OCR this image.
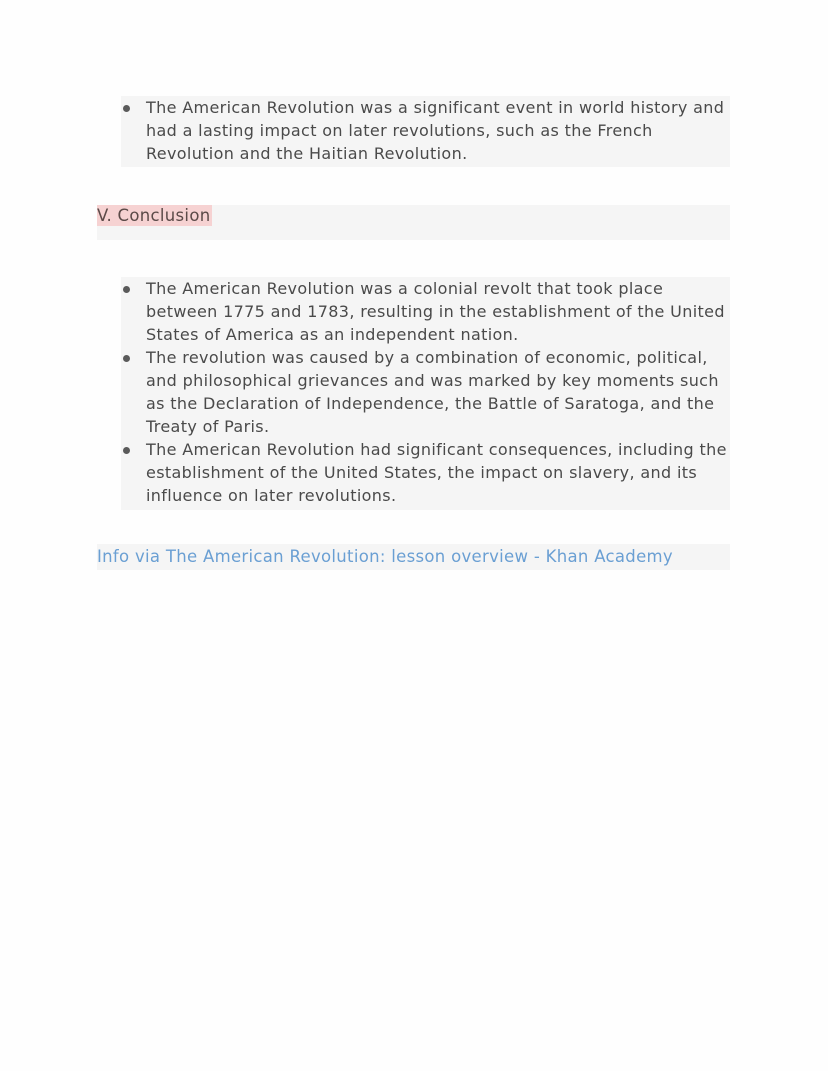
The American Revolution was a significant event in world history and had a lasting impact on later revolutions, such as the French Revolution and the Haitian Revolution.
V. Conclusion
The American Revolution was a colonial revolt that took place between 1775 and 1783, resulting in the establishment of the United States of America as an independent nation.
The revolution was caused by a combination of economic, political, and philosophical grievances and was marked by key moments such as the Declaration of Independence, the Battle of Saratoga, and the Treaty of Paris.
The American Revolution had significant consequences, including the establishment of the United States, the impact on slavery, and its influence on later revolutions.
Info via The American Revolution: lesson overview - Khan Academy
